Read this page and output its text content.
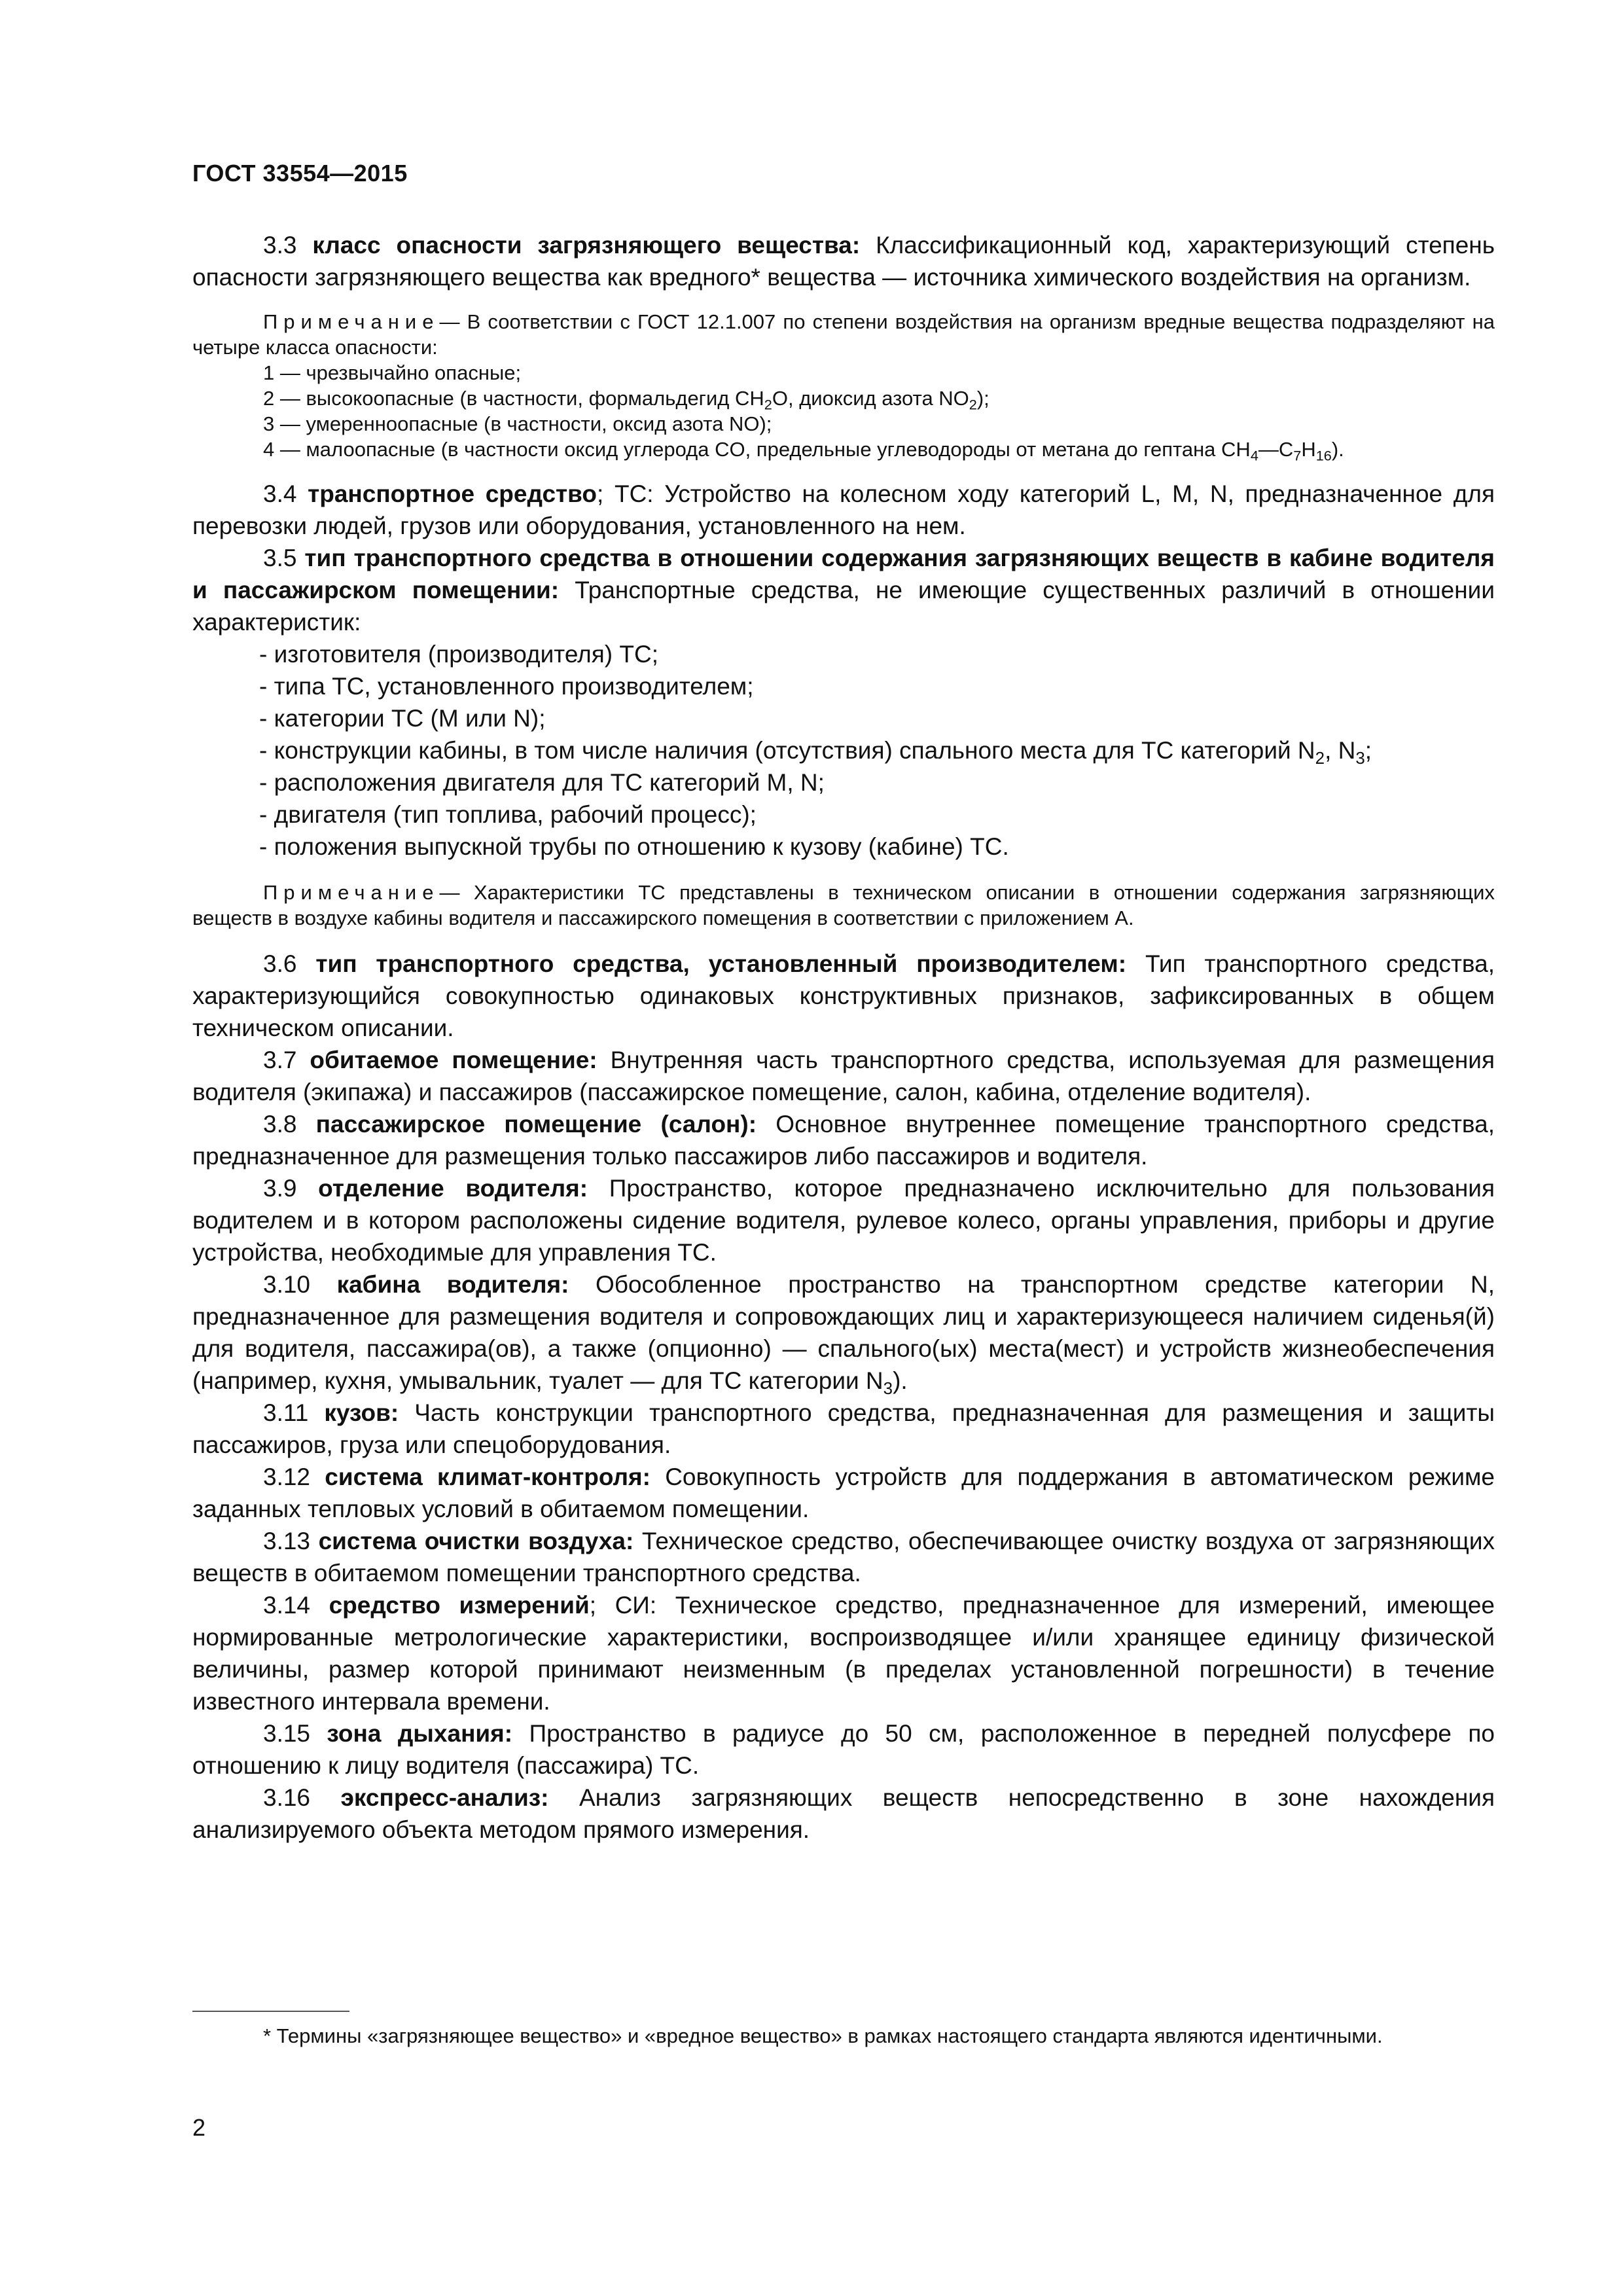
ГОСТ 33554—2015

3.3 класс опасности загрязняющего вещества: Классификационный код, характеризующий степень опасности загрязняющего вещества как вредного* вещества — источника химического воздействия на организм.

Примечание— В соответствии с ГОСТ 12.1.007 по степени воздействия на организм вредные вещества подразделяют на четыре класса опасности:

1 — чрезвычайно опасные;

2 — высокоопасные (в частности, формальдегид $CH_2O$, диоксид азота $NO_2$);

3 — умеренноопасные (в частности, оксид азота NO);

4 — малоопасные (в частности оксид углерода CO, предельные углеводороды от метана до гептана $CH_4—C_7H_{16}$).

3.4 транспортное средство; ТС: Устройство на колесном ходу категорий L, M, N, предназначенное для перевозки людей, грузов или оборудования, установленного на нем.

3.5 тип транспортного средства в отношении содержания загрязняющих веществ в кабине водителя и пассажирском помещении: Транспортные средства, не имеющие существенных различий в отношении характеристик:

- изготовителя (производителя) ТС;

- типа ТС, установленного производителем;

- категории ТС (M или N);

- конструкции кабины, в том числе наличия (отсутствия) спального места для ТС категорий $N_2$, $N_3$;

- расположения двигателя для ТС категорий M, N;

- двигателя (тип топлива, рабочий процесс);

- положения выпускной трубы по отношению к кузову (кабине) ТС.

Примечание— Характеристики ТС представлены в техническом описании в отношении содержания загрязняющих веществ в воздухе кабины водителя и пассажирского помещения в соответствии с приложением А.

3.6 тип транспортного средства, установленный производителем: Тип транспортного средства, характеризующийся совокупностью одинаковых конструктивных признаков, зафиксированных в общем техническом описании.

3.7 обитаемое помещение: Внутренняя часть транспортного средства, используемая для размещения водителя (экипажа) и пассажиров (пассажирское помещение, салон, кабина, отделение водителя).

3.8 пассажирское помещение (салон): Основное внутреннее помещение транспортного средства, предназначенное для размещения только пассажиров либо пассажиров и водителя.

3.9 отделение водителя: Пространство, которое предназначено исключительно для пользования водителем и в котором расположены сидение водителя, рулевое колесо, органы управления, приборы и другие устройства, необходимые для управления ТС.

3.10 кабина водителя: Обособленное пространство на транспортном средстве категории N, предназначенное для размещения водителя и сопровождающих лиц и характеризующееся наличием сиденья(й) для водителя, пассажира(ов), а также (опционно) — спального(ых) места(мест) и устройств жизнеобеспечения (например, кухня, умывальник, туалет — для ТС категории $N_3$).

3.11 кузов: Часть конструкции транспортного средства, предназначенная для размещения и защиты пассажиров, груза или спецоборудования.

3.12 система климат-контроля: Совокупность устройств для поддержания в автоматическом режиме заданных тепловых условий в обитаемом помещении.

3.13 система очистки воздуха: Техническое средство, обеспечивающее очистку воздуха от загрязняющих веществ в обитаемом помещении транспортного средства.

3.14 средство измерений; СИ: Техническое средство, предназначенное для измерений, имеющее нормированные метрологические характеристики, воспроизводящее и/или хранящее единицу физической величины, размер которой принимают неизменным (в пределах установленной погрешности) в течение известного интервала времени.

3.15 зона дыхания: Пространство в радиусе до 50 см, расположенное в передней полусфере по отношению к лицу водителя (пассажира) ТС.

3.16 экспресс-анализ: Анализ загрязняющих веществ непосредственно в зоне нахождения анализируемого объекта методом прямого измерения.

* Термины «загрязняющее вещество» и «вредное вещество» в рамках настоящего стандарта являются идентичными.
2
